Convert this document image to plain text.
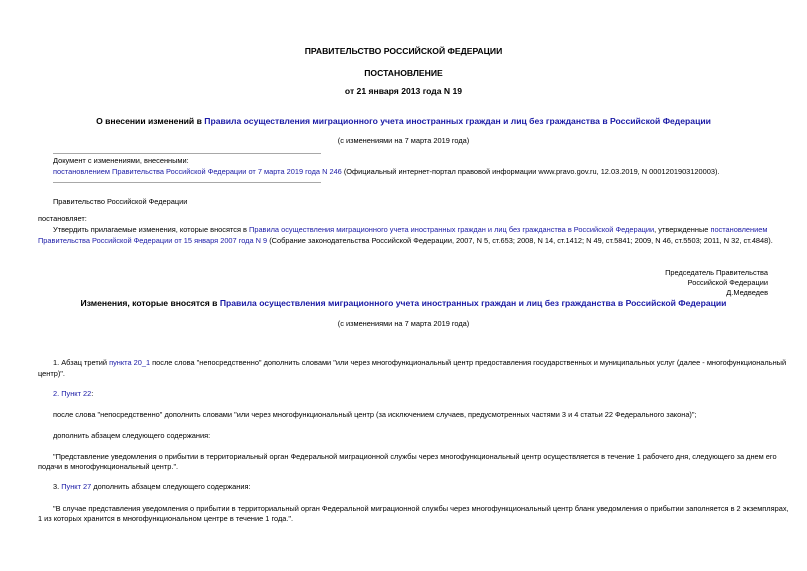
ПРАВИТЕЛЬСТВО РОССИЙСКОЙ ФЕДЕРАЦИИ
ПОСТАНОВЛЕНИЕ
от 21 января 2013 года N 19
О внесении изменений в Правила осуществления миграционного учета иностранных граждан и лиц без гражданства в Российской Федерации
(с изменениями на 7 марта 2019 года)
Документ с изменениями, внесенными:
постановлением Правительства Российской Федерации от 7 марта 2019 года N 246 (Официальный интернет-портал правовой информации www.pravo.gov.ru, 12.03.2019, N 0001201903120003).
Правительство Российской Федерации
постановляет:
Утвердить прилагаемые изменения, которые вносятся в Правила осуществления миграционного учета иностранных граждан и лиц без гражданства в Российской Федерации, утвержденные постановлением
Правительства Российской Федерации от 15 января 2007 года N 9 (Собрание законодательства Российской Федерации, 2007, N 5, ст.653; 2008, N 14, ст.1412; N 49, ст.5841; 2009, N 46, ст.5503; 2011, N 32, ст.4848).
Председатель Правительства
Российской Федерации
Д.Медведев
Изменения, которые вносятся в Правила осуществления миграционного учета иностранных граждан и лиц без гражданства в Российской Федерации
(с изменениями на 7 марта 2019 года)
1. Абзац третий пункта 20_1 после слова "непосредственно" дополнить словами "или через многофункциональный центр предоставления государственных и муниципальных услуг (далее - многофункциональный
центр)".
2. Пункт 22:
после слова "непосредственно" дополнить словами "или через многофункциональный центр (за исключением случаев, предусмотренных частями 3 и 4 статьи 22 Федерального закона)";
дополнить абзацем следующего содержания:
"Представление уведомления о прибытии в территориальный орган Федеральной миграционной службы через многофункциональный центр осуществляется в течение 1 рабочего дня, следующего за днем его
подачи в многофункциональный центр.".
3. Пункт 27 дополнить абзацем следующего содержания:
"В случае представления уведомления о прибытии в территориальный орган Федеральной миграционной службы через многофункциональный центр бланк уведомления о прибытии заполняется в 2 экземплярах,
1 из которых хранится в многофункциональном центре в течение 1 года.".
